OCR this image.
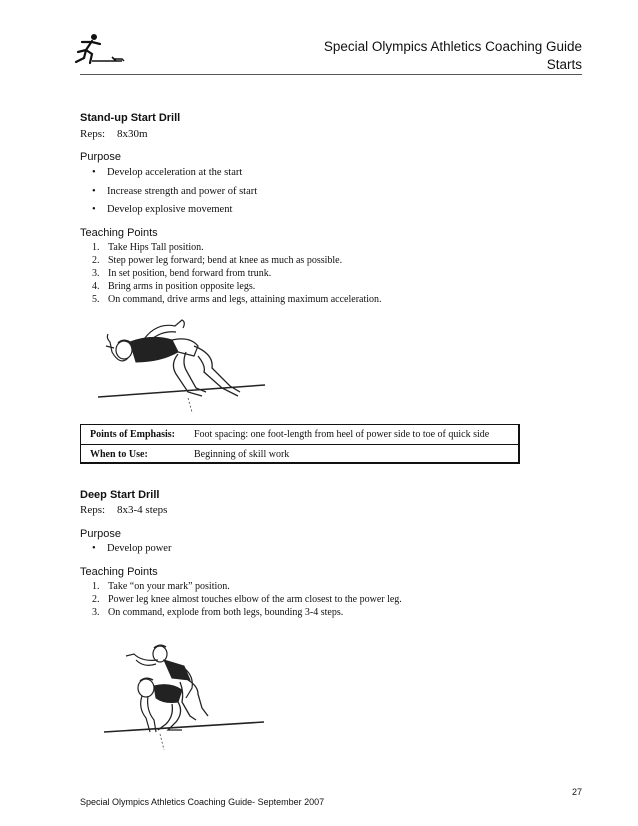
Special Olympics Athletics Coaching Guide
Starts
Stand-up Start Drill
Reps: 8x30m
Purpose
• Develop acceleration at the start
• Increase strength and power of start
• Develop explosive movement
Teaching Points
1. Take Hips Tall position.
2. Step power leg forward; bend at knee as much as possible.
3. In set position, bend forward from trunk.
4. Bring arms in position opposite legs.
5. On command, drive arms and legs, attaining maximum acceleration.
Points of Emphasis: Foot spacing: one foot-length from heel of power side to toe of quick side
When to Use:	Beginning of skill work
Deep Start Drill
Reps: 8x3-4 steps
Purpose
• Develop power
Teaching Points
1. Take “on your mark” position.
2. Power leg knee almost touches elbow of the arm closest to the power leg.
3. On command, explode from both legs, bounding 3-4 steps.
Special Olympics Athletics Coaching Guide- September 2007
27
